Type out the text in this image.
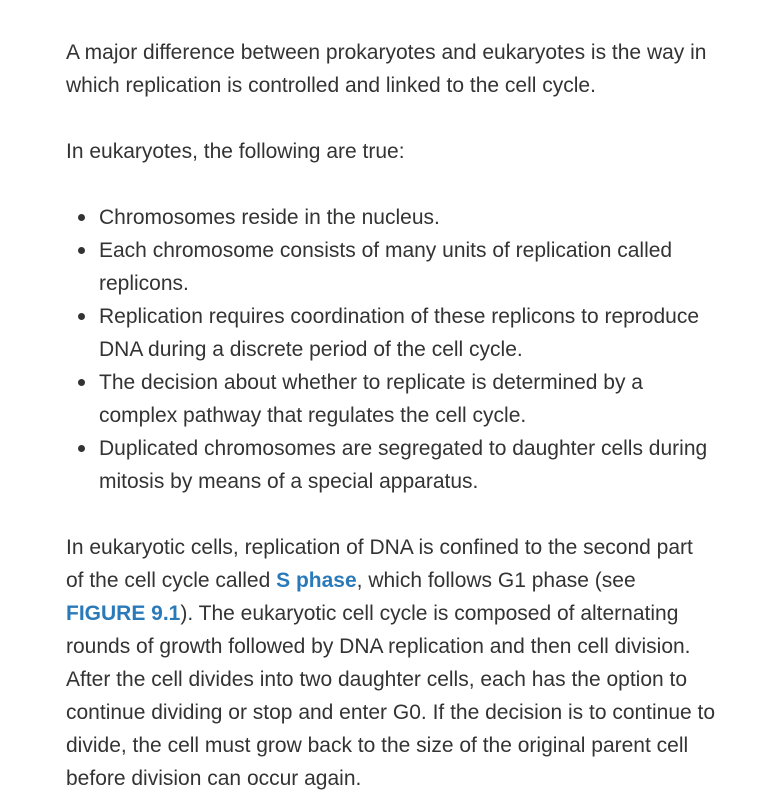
A major difference between prokaryotes and eukaryotes is the way in which replication is controlled and linked to the cell cycle.

In eukaryotes, the following are true:

Chromosomes reside in the nucleus.
Each chromosome consists of many units of replication called replicons.
Replication requires coordination of these replicons to reproduce DNA during a discrete period of the cell cycle.
The decision about whether to replicate is determined by a complex pathway that regulates the cell cycle.
Duplicated chromosomes are segregated to daughter cells during mitosis by means of a special apparatus.

In eukaryotic cells, replication of DNA is confined to the second part of the cell cycle called S phase, which follows G1 phase (see FIGURE 9.1). The eukaryotic cell cycle is composed of alternating rounds of growth followed by DNA replication and then cell division. After the cell divides into two daughter cells, each has the option to continue dividing or stop and enter G0. If the decision is to continue to divide, the cell must grow back to the size of the original parent cell before division can occur again.
